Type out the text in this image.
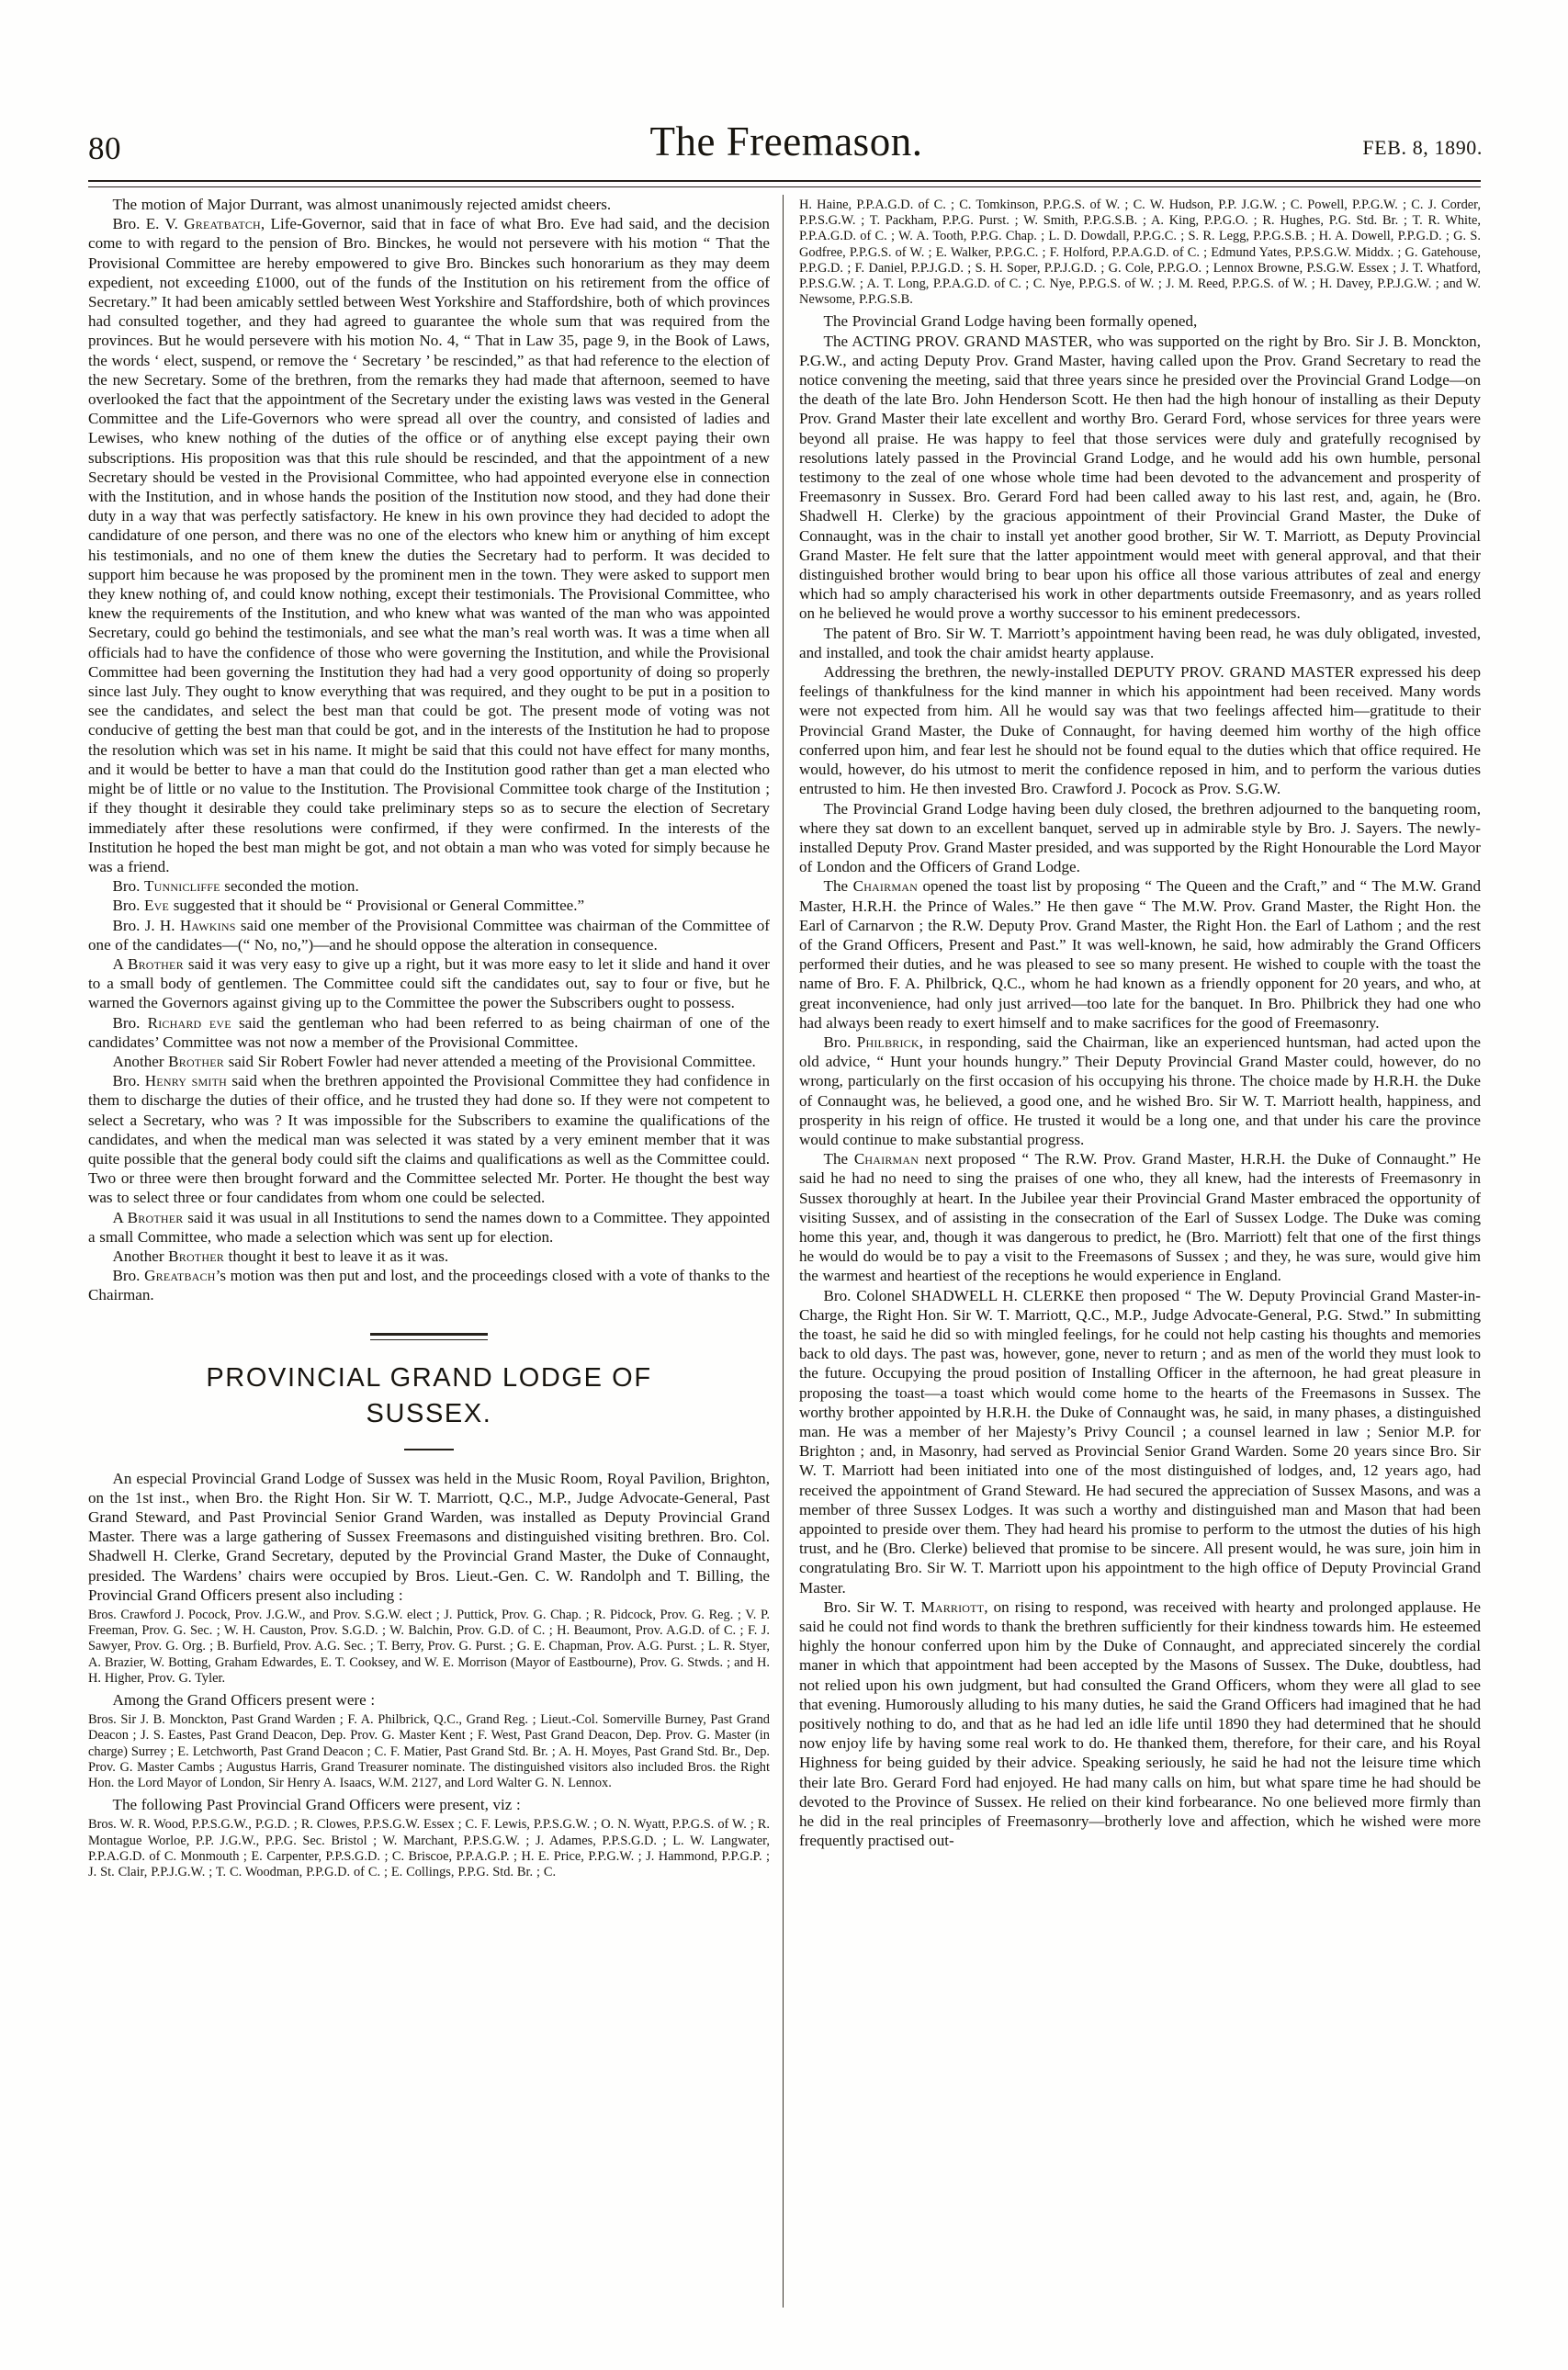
80	The Freemason.	FEB. 8, 1890.

The motion of Major Durrant, was almost unanimously rejected amidst cheers.

Bro. E. V. Greatbatch, Life-Governor, said that in face of what Bro. Eve had said, and the decision come to with regard to the pension of Bro. Binckes, he would not persevere with his motion “ That the Provisional Committee are hereby empowered to give Bro. Binckes such honorarium as they may deem expedient, not exceeding £1000, out of the funds of the Institution on his retirement from the office of Secretary.” It had been amicably settled between West Yorkshire and Staffordshire, both of which provinces had consulted together, and they had agreed to guarantee the whole sum that was required from the provinces. But he would persevere with his motion No. 4, “ That in Law 35, page 9, in the Book of Laws, the words ‘ elect, suspend, or remove the ‘ Secretary ’ be rescinded,” as that had reference to the election of the new Secretary. Some of the brethren, from the remarks they had made that afternoon, seemed to have overlooked the fact that the appointment of the Secretary under the existing laws was vested in the General Committee and the Life-Governors who were spread all over the country, and consisted of ladies and Lewises, who knew nothing of the duties of the office or of anything else except paying their own subscriptions. His proposition was that this rule should be rescinded, and that the appointment of a new Secretary should be vested in the Provisional Committee, who had appointed everyone else in connection with the Institution, and in whose hands the position of the Institution now stood, and they had done their duty in a way that was perfectly satisfactory. He knew in his own province they had decided to adopt the candidature of one person, and there was no one of the electors who knew him or anything of him except his testimonials, and no one of them knew the duties the Secretary had to perform. It was decided to support him because he was proposed by the prominent men in the town. They were asked to support men they knew nothing of, and could know nothing, except their testimonials. The Provisional Committee, who knew the requirements of the Institution, and who knew what was wanted of the man who was appointed Secretary, could go behind the testimonials, and see what the man’s real worth was. It was a time when all officials had to have the confidence of those who were governing the Institution, and while the Provisional Committee had been governing the Institution they had had a very good opportunity of doing so properly since last July. They ought to know everything that was required, and they ought to be put in a position to see the candidates, and select the best man that could be got. The present mode of voting was not conducive of getting the best man that could be got, and in the interests of the Institution he had to propose the resolution which was set in his name. It might be said that this could not have effect for many months, and it would be better to have a man that could do the Institution good rather than get a man elected who might be of little or no value to the Institution. The Provisional Committee took charge of the Institution ; if they thought it desirable they could take preliminary steps so as to secure the election of Secretary immediately after these resolutions were confirmed, if they were confirmed. In the interests of the Institution he hoped the best man might be got, and not obtain a man who was voted for simply because he was a friend.

Bro. Tunnicliffe seconded the motion.

Bro. Eve suggested that it should be “ Provisional or General Committee.”

Bro. J. H. Hawkins said one member of the Provisional Committee was chairman of the Committee of one of the candidates—(“ No, no,”)—and he should oppose the alteration in consequence.

A Brother said it was very easy to give up a right, but it was more easy to let it slide and hand it over to a small body of gentlemen. The Committee could sift the candidates out, say to four or five, but he warned the Governors against giving up to the Committee the power the Subscribers ought to possess.

Bro. Richard eve said the gentleman who had been referred to as being chairman of one of the candidates’ Committee was not now a member of the Provisional Committee.

Another Brother said Sir Robert Fowler had never attended a meeting of the Provisional Committee.

Bro. Henry smith said when the brethren appointed the Provisional Committee they had confidence in them to discharge the duties of their office, and he trusted they had done so. If they were not competent to select a Secretary, who was ? It was impossible for the Subscribers to examine the qualifications of the candidates, and when the medical man was selected it was stated by a very eminent member that it was quite possible that the general body could sift the claims and qualifications as well as the Committee could. Two or three were then brought forward and the Committee selected Mr. Porter. He thought the best way was to select three or four candidates from whom one could be selected.

A Brother said it was usual in all Institutions to send the names down to a Committee. They appointed a small Committee, who made a selection which was sent up for election.

Another Brother thought it best to leave it as it was.

Bro. Greatbach’s motion was then put and lost, and the proceedings closed with a vote of thanks to the Chairman.

PROVINCIAL GRAND LODGE OF
SUSSEX.

An especial Provincial Grand Lodge of Sussex was held in the Music Room, Royal Pavilion, Brighton, on the 1st inst., when Bro. the Right Hon. Sir W. T. Marriott, Q.C., M.P., Judge Advocate-General, Past Grand Steward, and Past Provincial Senior Grand Warden, was installed as Deputy Provincial Grand Master. There was a large gathering of Sussex Freemasons and distinguished visiting brethren. Bro. Col. Shadwell H. Clerke, Grand Secretary, deputed by the Provincial Grand Master, the Duke of Connaught, presided. The Wardens’ chairs were occupied by Bros. Lieut.-Gen. C. W. Randolph and T. Billing, the Provincial Grand Officers present also including :

Bros. Crawford J. Pocock, Prov. J.G.W., and Prov. S.G.W. elect ; J. Puttick, Prov. G. Chap. ; R. Pidcock, Prov. G. Reg. ; V. P. Freeman, Prov. G. Sec. ; W. H. Causton, Prov. S.G.D. ; W. Balchin, Prov. G.D. of C. ; H. Beaumont, Prov. A.G.D. of C. ; F. J. Sawyer, Prov. G. Org. ; B. Burfield, Prov. A.G. Sec. ; T. Berry, Prov. G. Purst. ; G. E. Chapman, Prov. A.G. Purst. ; L. R. Styer, A. Brazier, W. Botting, Graham Edwardes, E. T. Cooksey, and W. E. Morrison (Mayor of Eastbourne), Prov. G. Stwds. ; and H. H. Higher, Prov. G. Tyler.

Among the Grand Officers present were :

Bros. Sir J. B. Monckton, Past Grand Warden ; F. A. Philbrick, Q.C., Grand Reg. ; Lieut.-Col. Somerville Burney, Past Grand Deacon ; J. S. Eastes, Past Grand Deacon, Dep. Prov. G. Master Kent ; F. West, Past Grand Deacon, Dep. Prov. G. Master (in charge) Surrey ; E. Letchworth, Past Grand Deacon ; C. F. Matier, Past Grand Std. Br. ; A. H. Moyes, Past Grand Std. Br., Dep. Prov. G. Master Cambs ; Augustus Harris, Grand Treasurer nominate. The distinguished visitors also included Bros. the Right Hon. the Lord Mayor of London, Sir Henry A. Isaacs, W.M. 2127, and Lord Walter G. N. Lennox.

The following Past Provincial Grand Officers were present, viz :

Bros. W. R. Wood, P.P.S.G.W., P.G.D. ; R. Clowes, P.P.S.G.W. Essex ; C. F. Lewis, P.P.S.G.W. ; O. N. Wyatt, P.P.G.S. of W. ; R. Montague Worloe, P.P. J.G.W., P.P.G. Sec. Bristol ; W. Marchant, P.P.S.G.W. ; J. Adames, P.P.S.G.D. ; L. W. Langwater, P.P.A.G.D. of C. Monmouth ; E. Carpenter, P.P.S.G.D. ; C. Briscoe, P.P.A.G.P. ; H. E. Price, P.P.G.W. ; J. Hammond, P.P.G.P. ; J. St. Clair, P.P.J.G.W. ; T. C. Woodman, P.P.G.D. of C. ; E. Collings, P.P.G. Std. Br. ; C.

H. Haine, P.P.A.G.D. of C. ; C. Tomkinson, P.P.G.S. of W. ; C. W. Hudson, P.P. J.G.W. ; C. Powell, P.P.G.W. ; C. J. Corder, P.P.S.G.W. ; T. Packham, P.P.G. Purst. ; W. Smith, P.P.G.S.B. ; A. King, P.P.G.O. ; R. Hughes, P.G. Std. Br. ; T. R. White, P.P.A.G.D. of C. ; W. A. Tooth, P.P.G. Chap. ; L. D. Dowdall, P.P.G.C. ; S. R. Legg, P.P.G.S.B. ; H. A. Dowell, P.P.G.D. ; G. S. Godfree, P.P.G.S. of W. ; E. Walker, P.P.G.C. ; F. Holford, P.P.A.G.D. of C. ; Edmund Yates, P.P.S.G.W. Middx. ; G. Gatehouse, P.P.G.D. ; F. Daniel, P.P.J.G.D. ; S. H. Soper, P.P.J.G.D. ; G. Cole, P.P.G.O. ; Lennox Browne, P.S.G.W. Essex ; J. T. Whatford, P.P.S.G.W. ; A. T. Long, P.P.A.G.D. of C. ; C. Nye, P.P.G.S. of W. ; J. M. Reed, P.P.G.S. of W. ; H. Davey, P.P.J.G.W. ; and W. Newsome, P.P.G.S.B.

The Provincial Grand Lodge having been formally opened,

The ACTING PROV. GRAND MASTER, who was supported on the right by Bro. Sir J. B. Monckton, P.G.W., and acting Deputy Prov. Grand Master, having called upon the Prov. Grand Secretary to read the notice convening the meeting, said that three years since he presided over the Provincial Grand Lodge—on the death of the late Bro. John Henderson Scott. He then had the high honour of installing as their Deputy Prov. Grand Master their late excellent and worthy Bro. Gerard Ford, whose services for three years were beyond all praise. He was happy to feel that those services were duly and gratefully recognised by resolutions lately passed in the Provincial Grand Lodge, and he would add his own humble, personal testimony to the zeal of one whose whole time had been devoted to the advancement and prosperity of Freemasonry in Sussex. Bro. Gerard Ford had been called away to his last rest, and, again, he (Bro. Shadwell H. Clerke) by the gracious appointment of their Provincial Grand Master, the Duke of Connaught, was in the chair to install yet another good brother, Sir W. T. Marriott, as Deputy Provincial Grand Master. He felt sure that the latter appointment would meet with general approval, and that their distinguished brother would bring to bear upon his office all those various attributes of zeal and energy which had so amply characterised his work in other departments outside Freemasonry, and as years rolled on he believed he would prove a worthy successor to his eminent predecessors.

The patent of Bro. Sir W. T. Marriott’s appointment having been read, he was duly obligated, invested, and installed, and took the chair amidst hearty applause.

Addressing the brethren, the newly-installed DEPUTY PROV. GRAND MASTER expressed his deep feelings of thankfulness for the kind manner in which his appointment had been received. Many words were not expected from him. All he would say was that two feelings affected him—gratitude to their Provincial Grand Master, the Duke of Connaught, for having deemed him worthy of the high office conferred upon him, and fear lest he should not be found equal to the duties which that office required. He would, however, do his utmost to merit the confidence reposed in him, and to perform the various duties entrusted to him. He then invested Bro. Crawford J. Pocock as Prov. S.G.W.

The Provincial Grand Lodge having been duly closed, the brethren adjourned to the banqueting room, where they sat down to an excellent banquet, served up in admirable style by Bro. J. Sayers. The newly-installed Deputy Prov. Grand Master presided, and was supported by the Right Honourable the Lord Mayor of London and the Officers of Grand Lodge.

The Chairman opened the toast list by proposing “ The Queen and the Craft,” and “ The M.W. Grand Master, H.R.H. the Prince of Wales.” He then gave “ The M.W. Prov. Grand Master, the Right Hon. the Earl of Carnarvon ; the R.W. Deputy Prov. Grand Master, the Right Hon. the Earl of Lathom ; and the rest of the Grand Officers, Present and Past.” It was well-known, he said, how admirably the Grand Officers performed their duties, and he was pleased to see so many present. He wished to couple with the toast the name of Bro. F. A. Philbrick, Q.C., whom he had known as a friendly opponent for 20 years, and who, at great inconvenience, had only just arrived—too late for the banquet. In Bro. Philbrick they had one who had always been ready to exert himself and to make sacrifices for the good of Freemasonry.

Bro. Philbrick, in responding, said the Chairman, like an experienced huntsman, had acted upon the old advice, “ Hunt your hounds hungry.” Their Deputy Provincial Grand Master could, however, do no wrong, particularly on the first occasion of his occupying his throne. The choice made by H.R.H. the Duke of Connaught was, he believed, a good one, and he wished Bro. Sir W. T. Marriott health, happiness, and prosperity in his reign of office. He trusted it would be a long one, and that under his care the province would continue to make substantial progress.

The Chairman next proposed “ The R.W. Prov. Grand Master, H.R.H. the Duke of Connaught.” He said he had no need to sing the praises of one who, they all knew, had the interests of Freemasonry in Sussex thoroughly at heart. In the Jubilee year their Provincial Grand Master embraced the opportunity of visiting Sussex, and of assisting in the consecration of the Earl of Sussex Lodge. The Duke was coming home this year, and, though it was dangerous to predict, he (Bro. Marriott) felt that one of the first things he would do would be to pay a visit to the Freemasons of Sussex ; and they, he was sure, would give him the warmest and heartiest of the receptions he would experience in England.

Bro. Colonel SHADWELL H. CLERKE then proposed “ The W. Deputy Provincial Grand Master-in-Charge, the Right Hon. Sir W. T. Marriott, Q.C., M.P., Judge Advocate-General, P.G. Stwd.” In submitting the toast, he said he did so with mingled feelings, for he could not help casting his thoughts and memories back to old days. The past was, however, gone, never to return ; and as men of the world they must look to the future. Occupying the proud position of Installing Officer in the afternoon, he had great pleasure in proposing the toast—a toast which would come home to the hearts of the Freemasons in Sussex. The worthy brother appointed by H.R.H. the Duke of Connaught was, he said, in many phases, a distinguished man. He was a member of her Majesty’s Privy Council ; a counsel learned in law ; Senior M.P. for Brighton ; and, in Masonry, had served as Provincial Senior Grand Warden. Some 20 years since Bro. Sir W. T. Marriott had been initiated into one of the most distinguished of lodges, and, 12 years ago, had received the appointment of Grand Steward. He had secured the appreciation of Sussex Masons, and was a member of three Sussex Lodges. It was such a worthy and distinguished man and Mason that had been appointed to preside over them. They had heard his promise to perform to the utmost the duties of his high trust, and he (Bro. Clerke) believed that promise to be sincere. All present would, he was sure, join him in congratulating Bro. Sir W. T. Marriott upon his appointment to the high office of Deputy Provincial Grand Master.

Bro. Sir W. T. Marriott, on rising to respond, was received with hearty and prolonged applause. He said he could not find words to thank the brethren sufficiently for their kindness towards him. He esteemed highly the honour conferred upon him by the Duke of Connaught, and appreciated sincerely the cordial maner in which that appointment had been accepted by the Masons of Sussex. The Duke, doubtless, had not relied upon his own judgment, but had consulted the Grand Officers, whom they were all glad to see that evening. Humorously alluding to his many duties, he said the Grand Officers had imagined that he had positively nothing to do, and that as he had led an idle life until 1890 they had determined that he should now enjoy life by having some real work to do. He thanked them, therefore, for their care, and his Royal Highness for being guided by their advice. Speaking seriously, he said he had not the leisure time which their late Bro. Gerard Ford had enjoyed. He had many calls on him, but what spare time he had should be devoted to the Province of Sussex. He relied on their kind forbearance. No one believed more firmly than he did in the real principles of Freemasonry—brotherly love and affection, which he wished were more frequently practised out-
